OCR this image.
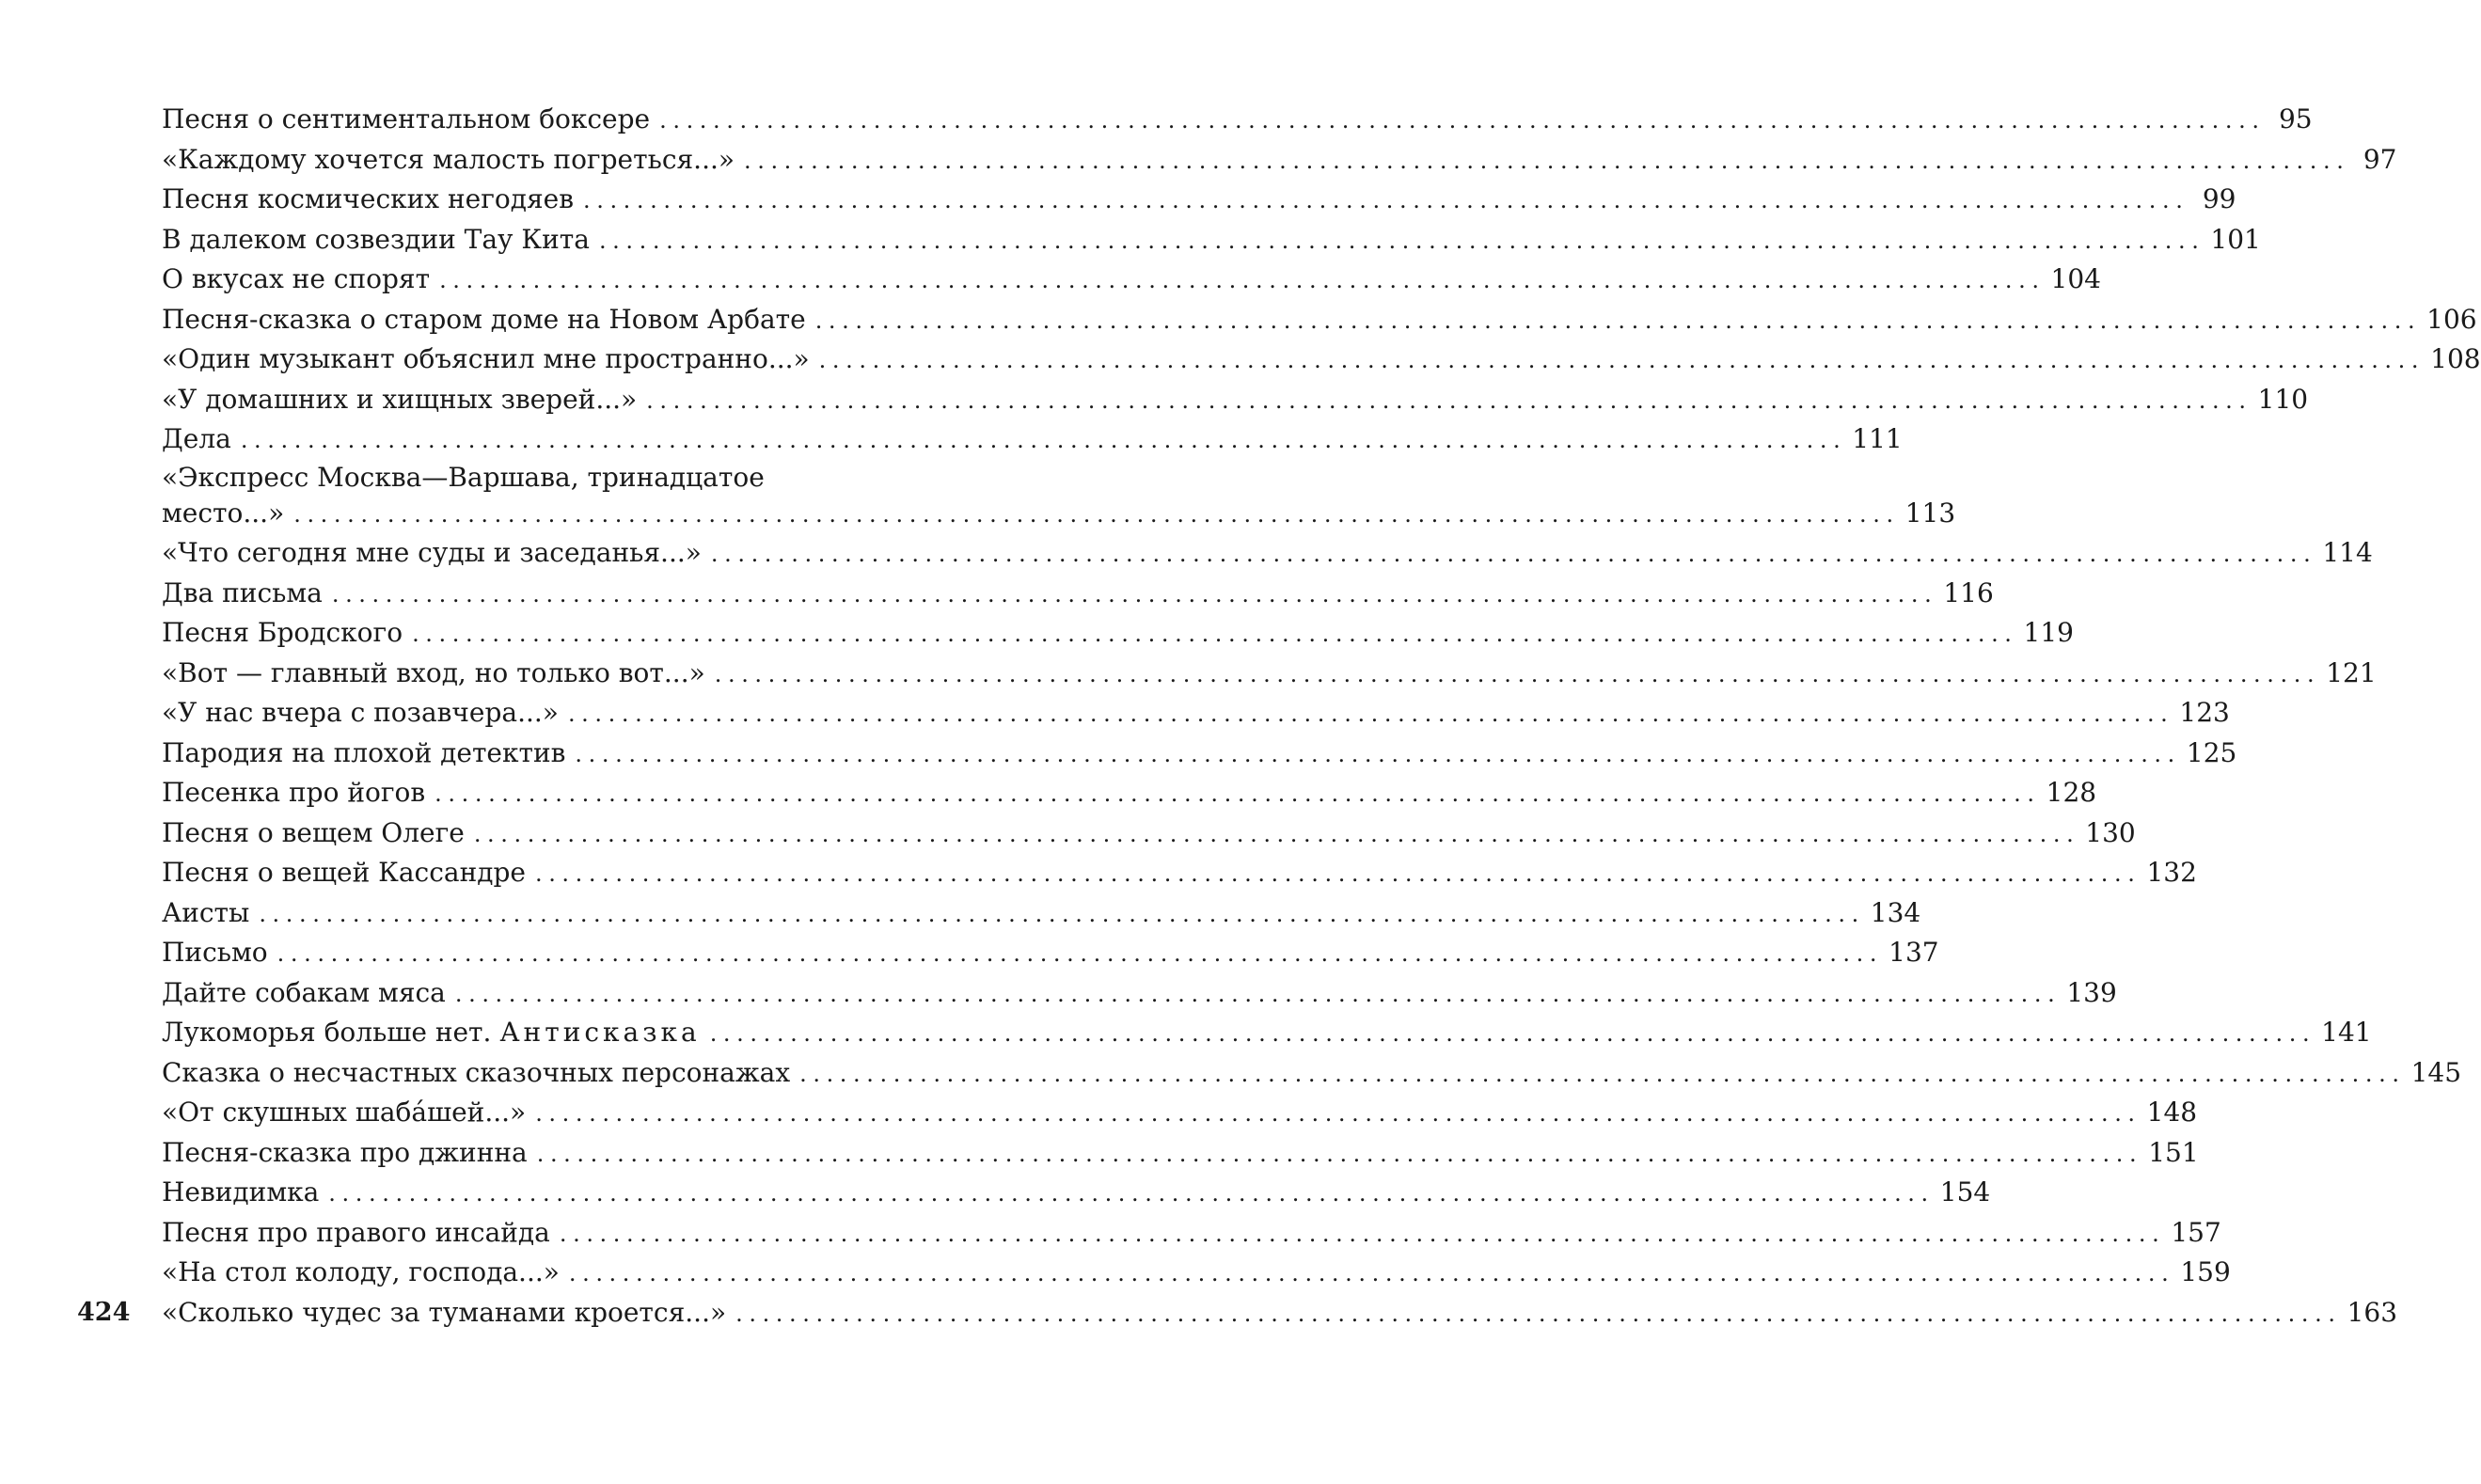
Песня о сентиментальном боксере ........................................................................................................................ 95
«Каждому хочется малость погреться...» ........................................................................................................................ 97
Песня космических негодяев ........................................................................................................................ 99
В далеком созвездии Тау Кита ........................................................................................................................ 101
О вкусах не спорят ........................................................................................................................ 104
Песня-сказка о старом доме на Новом Арбате ........................................................................................................................ 106
«Один музыкант объяснил мне пространно...» ........................................................................................................................ 108
«У домашних и хищных зверей...» ........................................................................................................................ 110
Дела ........................................................................................................................ 111
«Экспресс Москва—Варшава, тринадцатое
место...» ........................................................................................................................ 113
«Что сегодня мне суды и заседанья...» ........................................................................................................................ 114
Два письма ........................................................................................................................ 116
Песня Бродского ........................................................................................................................ 119
«Вот — главный вход, но только вот...» ........................................................................................................................ 121
«У нас вчера с позавчера...» ........................................................................................................................ 123
Пародия на плохой детектив ........................................................................................................................ 125
Песенка про йогов ........................................................................................................................ 128
Песня о вещем Олеге ........................................................................................................................ 130
Песня о вещей Кассандре ........................................................................................................................ 132
Аисты ........................................................................................................................ 134
Письмо ........................................................................................................................ 137
Дайте собакам мяса ........................................................................................................................ 139
Лукоморья больше нет. Антисказка ........................................................................................................................ 141
Сказка о несчастных сказочных персонажах ........................................................................................................................ 145
«От скушных шаба́шей...» ........................................................................................................................ 148
Песня-сказка про джинна ........................................................................................................................ 151
Невидимка ........................................................................................................................ 154
Песня про правого инсайда ........................................................................................................................ 157
«На стол колоду, господа...» ........................................................................................................................ 159
«Сколько чудес за туманами кроется...» ........................................................................................................................ 163
424
